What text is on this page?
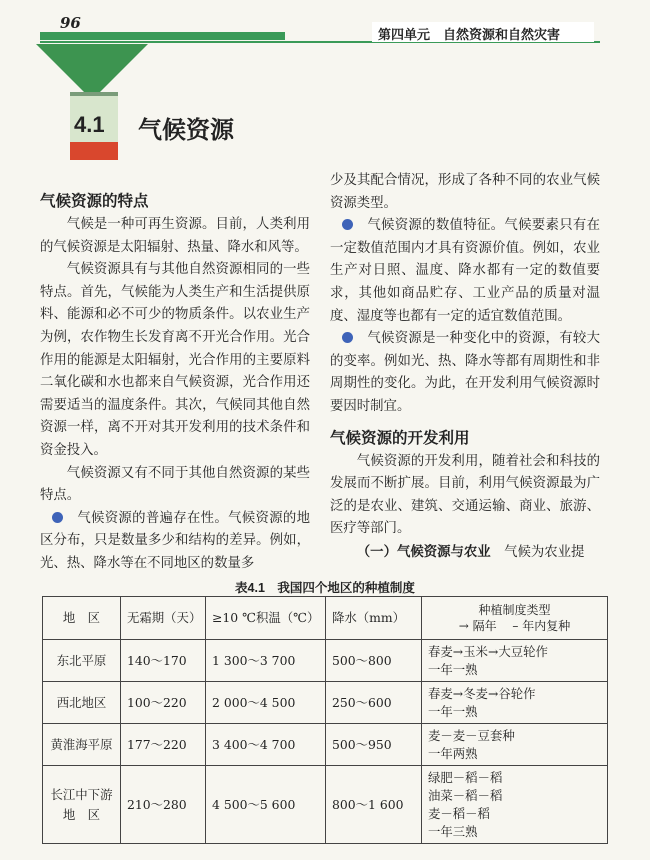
96
第四单元　自然资源和自然灾害
4.1 气候资源

气候资源的特点

气候是一种可再生资源。目前，人类利用的气候资源是太阳辐射、热量、降水和风等。

气候资源具有与其他自然资源相同的一些特点。首先，气候能为人类生产和生活提供原料、能源和必不可少的物质条件。以农业生产为例，农作物生长发育离不开光合作用。光合作用的能源是太阳辐射，光合作用的主要原料二氧化碳和水也都来自气候资源，光合作用还需要适当的温度条件。其次，气候同其他自然资源一样，离不开对其开发利用的技术条件和资金投入。

气候资源又有不同于其他自然资源的某些特点。

气候资源的普遍存在性。气候资源的地区分布，只是数量多少和结构的差异。例如，光、热、降水等在不同地区的数量多

少及其配合情况，形成了各种不同的农业气候资源类型。

气候资源的数值特征。气候要素只有在一定数值范围内才具有资源价值。例如，农业生产对日照、温度、降水都有一定的数值要求，其他如商品贮存、工业产品的质量对温度、湿度等也都有一定的适宜数值范围。

气候资源是一种变化中的资源，有较大的变率。例如光、热、降水等都有周期性和非周期性的变化。为此，在开发利用气候资源时要因时制宜。

气候资源的开发利用

气候资源的开发利用，随着社会和科技的发展而不断扩展。目前，利用气候资源最为广泛的是农业、建筑、交通运输、商业、旅游、医疗等部门。

（一）气候资源与农业　 气候为农业提

表4.1　我国四个地区的种植制度
地　区	无霜期（天）	≥10 ℃积温（℃）	降水（mm）	种植制度类型
→ 隔年　 – 年内复种

东北平原	140～170	1 300～3 700	500～800	春麦→玉米→大豆轮作
一年一熟

西北地区	100～220	2 000～4 500	250～600	春麦→冬麦→谷轮作
一年一熟

黄淮海平原	177～220	3 400～4 700	500～950	麦－麦－豆套种
一年两熟

长江中下游地　区	210～280	4 500～5 600	800～1 600	绿肥－稻－稻
油菜－稻－稻
麦－稻－稻
一年三熟
